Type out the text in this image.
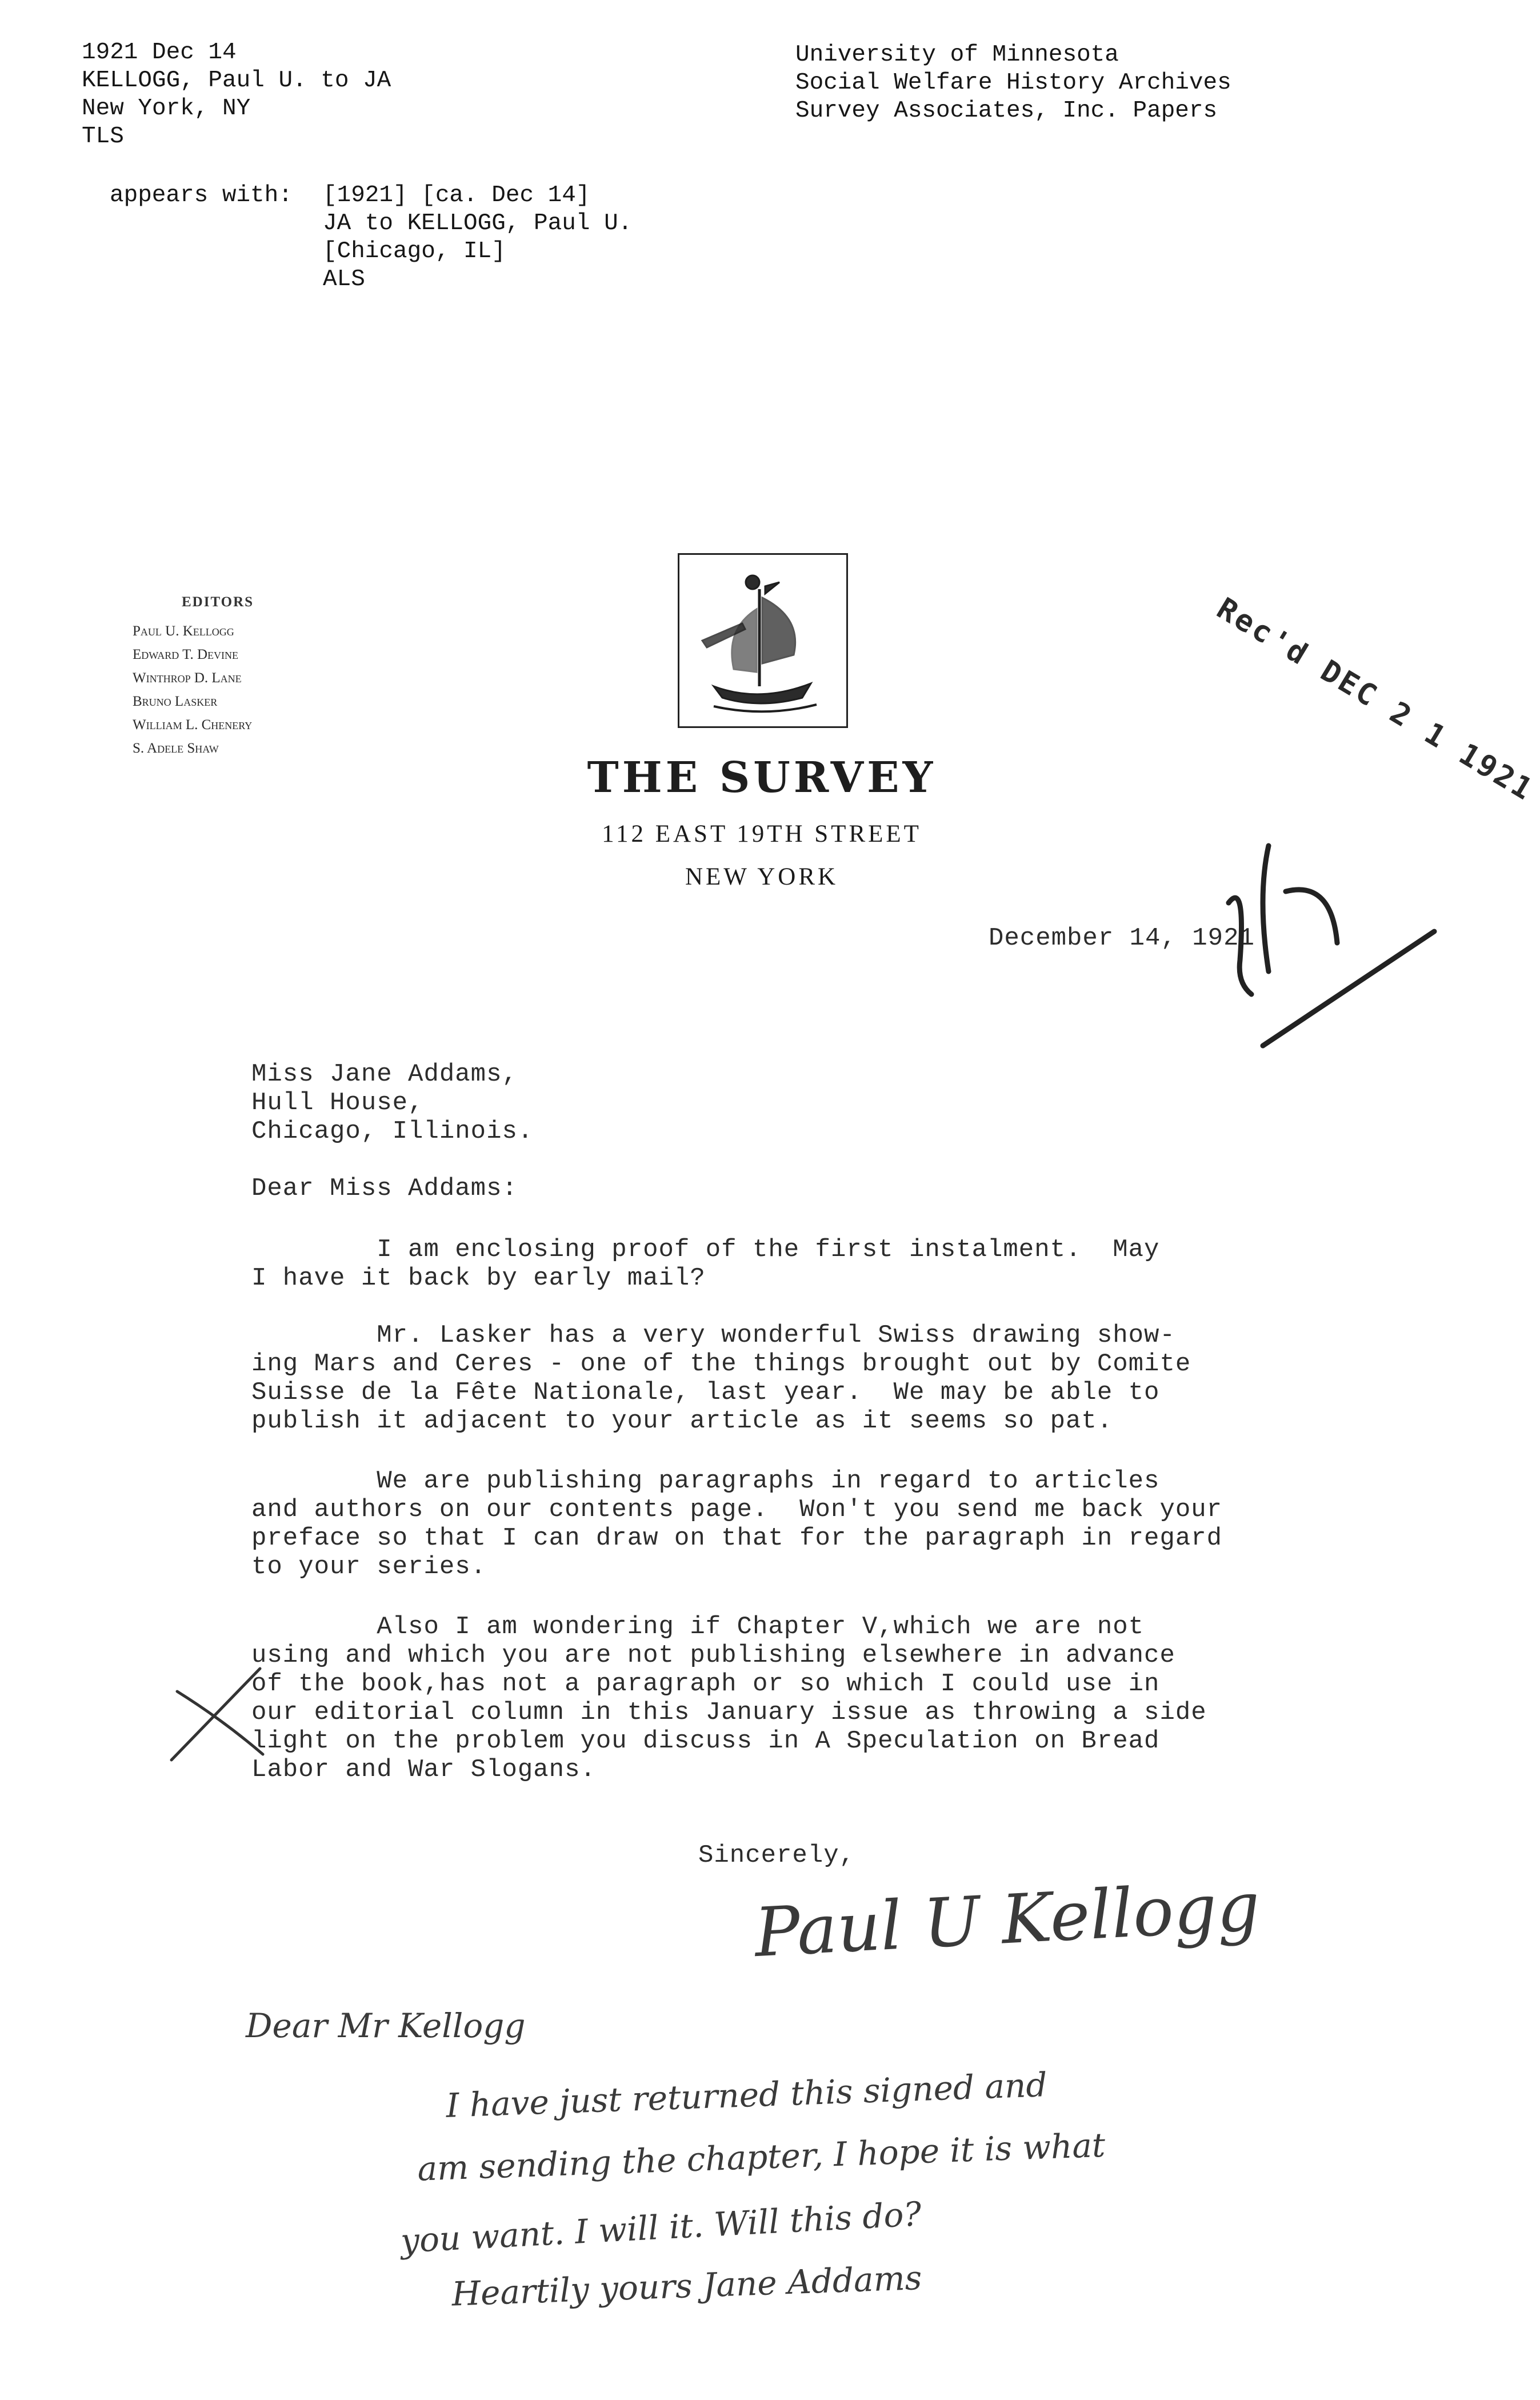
1921 Dec 14
KELLOGG, Paul U. to JA
New York, NY
TLS
University of Minnesota
Social Welfare History Archives
Survey Associates, Inc. Papers
appears with: [1921] [ca. Dec 14]
JA to KELLOGG, Paul U.
[Chicago, IL]
ALS
EDITORS
Paul U. Kellogg
Edward T. Devine
Winthrop D. Lane
Bruno Lasker
William L. Chenery
S. Adele Shaw
THE SURVEY
112 EAST 19TH STREET
NEW YORK
Rec'd DEC 2 1 1921
December 14, 1921
Miss Jane Addams,
Hull House,
Chicago, Illinois.
Dear Miss Addams:
I am enclosing proof of the first instalment.  May
I have it back by early mail?
Mr. Lasker has a very wonderful Swiss drawing show-
ing Mars and Ceres - one of the things brought out by Comite
Suisse de la Fête Nationale, last year.  We may be able to
publish it adjacent to your article as it seems so pat.
We are publishing paragraphs in regard to articles
and authors on our contents page.  Won't you send me back your
preface so that I can draw on that for the paragraph in regard
to your series.
Also I am wondering if Chapter V,which we are not
using and which you are not publishing elsewhere in advance
of the book,has not a paragraph or so which I could use in
our editorial column in this January issue as throwing a side
light on the problem you discuss in A Speculation on Bread
Labor and War Slogans.
Sincerely,
Paul U Kellogg
Dear Mr Kellogg
I have just returned this signed and
am sending the chapter, I hope it is what
you want. I will it. Will this do?
Heartily yours Jane Addams
